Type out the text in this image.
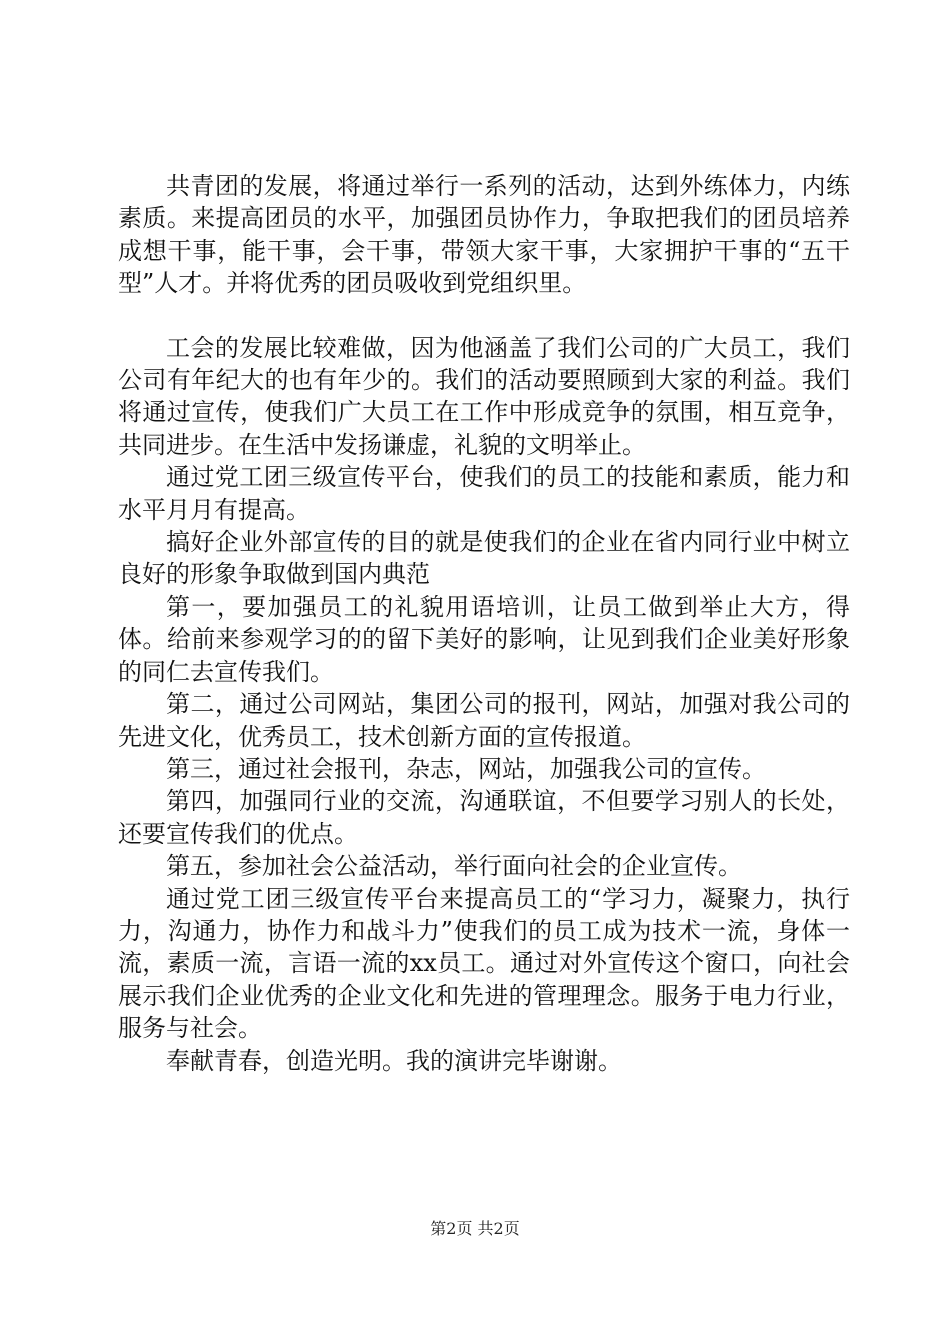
共青团的发展，将通过举行一系列的活动，达到外练体力，内练素质。来提高团员的水平，加强团员协作力，争取把我们的团员培养成想干事，能干事，会干事，带领大家干事，大家拥护干事的“五干型”人才。并将优秀的团员吸收到党组织里。

工会的发展比较难做，因为他涵盖了我们公司的广大员工，我们公司有年纪大的也有年少的。我们的活动要照顾到大家的利益。我们将通过宣传，使我们广大员工在工作中形成竞争的氛围，相互竞争，共同进步。在生活中发扬谦虚，礼貌的文明举止。

通过党工团三级宣传平台，使我们的员工的技能和素质，能力和水平月月有提高。

搞好企业外部宣传的目的就是使我们的企业在省内同行业中树立良好的形象争取做到国内典范

第一，要加强员工的礼貌用语培训，让员工做到举止大方，得体。给前来参观学习的的留下美好的影响，让见到我们企业美好形象的同仁去宣传我们。

第二，通过公司网站，集团公司的报刊，网站，加强对我公司的先进文化，优秀员工，技术创新方面的宣传报道。

第三，通过社会报刊，杂志，网站，加强我公司的宣传。

第四，加强同行业的交流，沟通联谊，不但要学习别人的长处，还要宣传我们的优点。

第五，参加社会公益活动，举行面向社会的企业宣传。

通过党工团三级宣传平台来提高员工的“学习力，凝聚力，执行力，沟通力，协作力和战斗力”使我们的员工成为技术一流，身体一流，素质一流，言语一流的xx员工。通过对外宣传这个窗口，向社会展示我们企业优秀的企业文化和先进的管理理念。服务于电力行业，服务与社会。

奉献青春，创造光明。我的演讲完毕谢谢。

第2页 共2页
